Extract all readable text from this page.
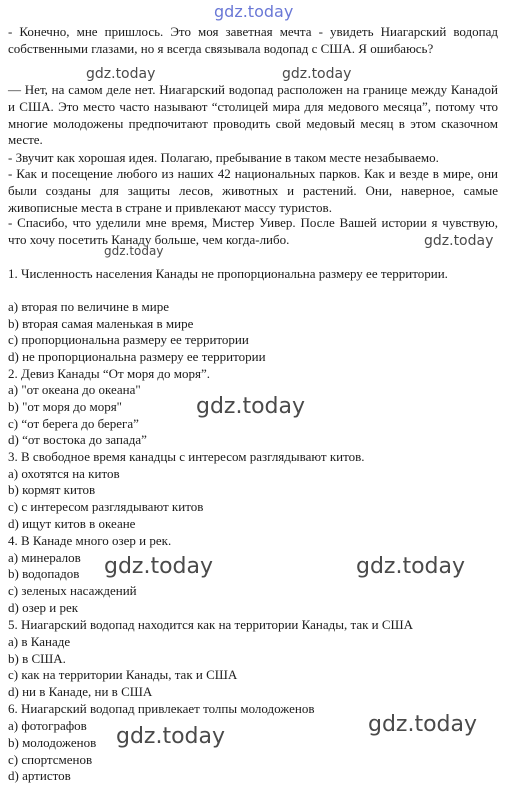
gdz.today

- Конечно, мне пришлось. Это моя заветная мечта - увидеть Ниагарский водопад собственными глазами, но я всегда связывала водопад с США. Я ошибаюсь?

— Нет, на самом деле нет. Ниагарский водопад расположен на границе между Канадой и США. Это место часто называют “столицей мира для медового месяца”, потому что многие молодожены предпочитают проводить свой медовый месяц в этом сказочном месте.

- Звучит как хорошая идея. Полагаю, пребывание в таком месте незабываемо.

- Как и посещение любого из наших 42 национальных парков. Как и везде в мире, они были созданы для защиты лесов, животных и растений. Они, наверное, самые живописные места в стране и привлекают массу туристов.

- Спасибо, что уделили мне время, Мистер Уивер. После Вашей истории я чувствую, что хочу посетить Канаду больше, чем когда-либо.

1. Численность населения Канады не пропорциональна размеру ее территории.

a) вторая по величине в мире

b) вторая самая маленькая в мире

c) пропорциональна размеру ее территории

d) не пропорциональна размеру ее территории

2. Девиз Канады “От моря до моря”.

a) "от океана до океана"

b) "от моря до моря"

c) “от берега до берега”

d) “от востока до запада”

3. В свободное время канадцы с интересом разглядывают китов.

a) охотятся на китов

b) кормят китов

c) с интересом разглядывают китов

d) ищут китов в океане

4. В Канаде много озер и рек.

a) минералов

b) водопадов

c) зеленых насаждений

d) озер и рек

5. Ниагарский водопад находится как на территории Канады, так и США

a) в Канаде

b) в США.

c) как на территории Канады, так и США

d) ни в Канаде, ни в США

6. Ниагарский водопад привлекает толпы молодоженов

a) фотографов

b) молодоженов

c) спортсменов

d) артистов

gdz.today	gdz.today
gdz.today
gdz.today
gdz.today
gdz.today	gdz.today
gdz.today
gdz.today
